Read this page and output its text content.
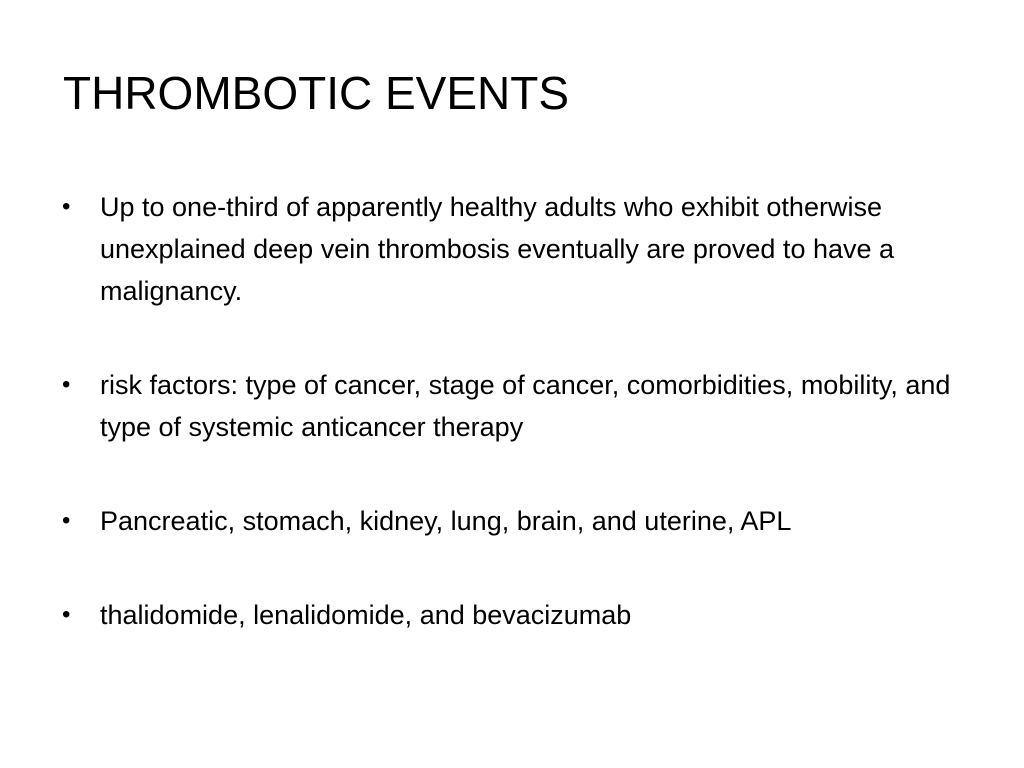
THROMBOTIC EVENTS
•	Up to one-third of apparently healthy adults who exhibit otherwise unexplained deep vein thrombosis eventually are proved to have a malignancy.
•	risk factors: type of cancer, stage of cancer, comorbidities, mobility, and type of systemic anticancer therapy
•	Pancreatic, stomach, kidney, lung, brain, and uterine, APL
•	thalidomide, lenalidomide, and bevacizumab
